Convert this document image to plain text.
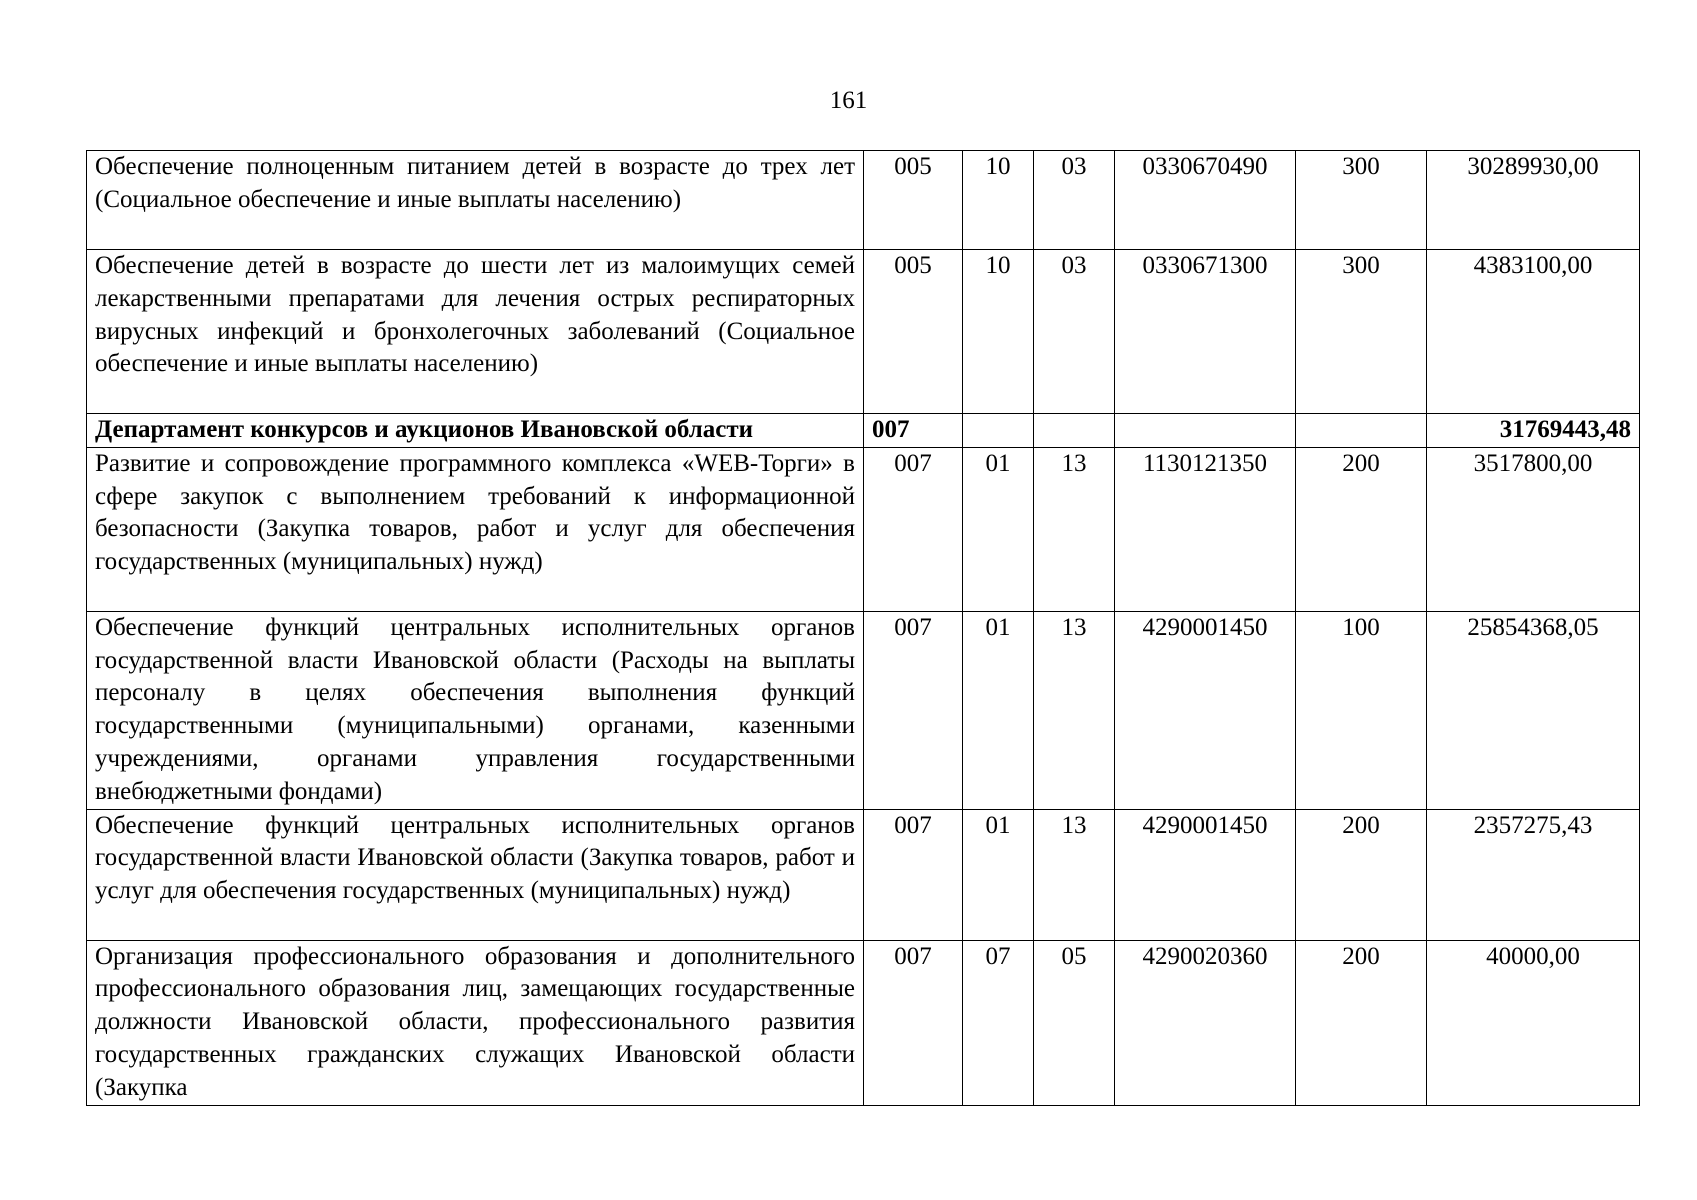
161
Обеспечение полноценным питанием детей в возрасте до трех лет (Социальное обеспечение и иные выплаты населению)	005	10	03	0330670490	300	30289930,00
Обеспечение детей в возрасте до шести лет из малоимущих семей лекарственными препаратами для лечения острых респираторных вирусных инфекций и бронхолегочных заболеваний (Социальное обеспечение и иные выплаты населению)	005	10	03	0330671300	300	4383100,00
Департамент конкурсов и аукционов Ивановской области	007					31769443,48
Развитие и сопровождение программного комплекса «WEB-Торги» в сфере закупок с выполнением требований к информационной безопасности (Закупка товаров, работ и услуг для обеспечения государственных (муниципальных) нужд)	007	01	13	1130121350	200	3517800,00
Обеспечение функций центральных исполнительных органов государственной власти Ивановской области (Расходы на выплаты персоналу в целях обеспечения выполнения функций государственными (муниципальными) органами, казенными учреждениями, органами управления государственными внебюджетными фондами)	007	01	13	4290001450	100	25854368,05
Обеспечение функций центральных исполнительных органов государственной власти Ивановской области (Закупка товаров, работ и услуг для обеспечения государственных (муниципальных) нужд)	007	01	13	4290001450	200	2357275,43
Организация профессионального образования и дополнительного профессионального образования лиц, замещающих государственные должности Ивановской области, профессионального развития государственных гражданских служащих Ивановской области (Закупка	007	07	05	4290020360	200	40000,00
